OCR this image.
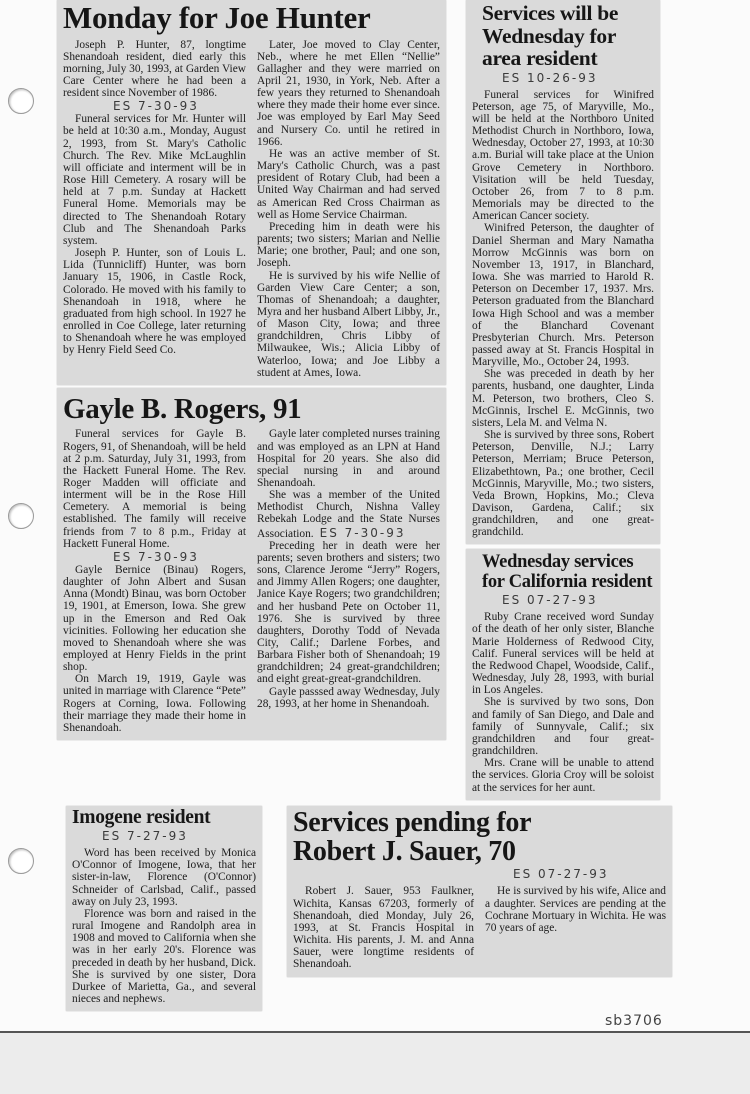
Monday for Joe Hunter

Joseph P. Hunter, 87, longtime Shenandoah resident, died early this morning, July 30, 1993, at Garden View Care Center where he had been a resident since November of 1986.

ES 7-30-93

Funeral services for Mr. Hunter will be held at 10:30 a.m., Monday, August 2, 1993, from St. Mary's Catholic Church. The Rev. Mike McLaughlin will officiate and interment will be in Rose Hill Cemetery. A rosary will be held at 7 p.m. Sunday at Hackett Funeral Home. Memorials may be directed to The Shenandoah Rotary Club and The Shenandoah Parks system.

Joseph P. Hunter, son of Louis L. Lida (Tunnicliff) Hunter, was born January 15, 1906, in Castle Rock, Colorado. He moved with his family to Shenandoah in 1918, where he graduated from high school. In 1927 he enrolled in Coe College, later returning to Shenandoah where he was employed by Henry Field Seed Co.

Later, Joe moved to Clay Center, Neb., where he met Ellen “Nellie” Gallagher and they were married on April 21, 1930, in York, Neb. After a few years they returned to Shenandoah where they made their home ever since. Joe was employed by Earl May Seed and Nursery Co. until he retired in 1966.

He was an active member of St. Mary's Catholic Church, was a past president of Rotary Club, had been a United Way Chairman and had served as American Red Cross Chairman as well as Home Service Chairman.

Preceding him in death were his parents; two sisters; Marian and Nellie Marie; one brother, Paul; and one son, Joseph.

He is survived by his wife Nellie of Garden View Care Center; a son, Thomas of Shenandoah; a daughter, Myra and her husband Albert Libby, Jr., of Mason City, Iowa; and three grandchildren, Chris Libby of Milwaukee, Wis.; Alicia Libby of Waterloo, Iowa; and Joe Libby a student at Ames, Iowa.

Gayle B. Rogers, 91

Funeral services for Gayle B. Rogers, 91, of Shenandoah, will be held at 2 p.m. Saturday, July 31, 1993, from the Hackett Funeral Home. The Rev. Roger Madden will officiate and interment will be in the Rose Hill Cemetery. A memorial is being established. The family will receive friends from 7 to 8 p.m., Friday at Hackett Funeral Home.

ES 7-30-93

Gayle Bernice (Binau) Rogers, daughter of John Albert and Susan Anna (Mondt) Binau, was born October 19, 1901, at Emerson, Iowa. She grew up in the Emerson and Red Oak vicinities. Following her education she moved to Shenandoah where she was employed at Henry Fields in the print shop.

On March 19, 1919, Gayle was united in marriage with Clarence “Pete” Rogers at Corning, Iowa. Following their marriage they made their home in Shenandoah.

Gayle later completed nurses training and was employed as an LPN at Hand Hospital for 20 years. She also did special nursing in and around Shenandoah.

She was a member of the United Methodist Church, Nishna Valley Rebekah Lodge and the State Nurses Association. ES 7-30-93

Preceding her in death were her parents; seven brothers and sisters; two sons, Clarence Jerome “Jerry” Rogers, and Jimmy Allen Rogers; one daughter, Janice Kaye Rogers; two grandchildren; and her husband Pete on October 11, 1976. She is survived by three daughters, Dorothy Todd of Nevada City, Calif.; Darlene Forbes, and Barbara Fisher both of Shenandoah; 19 grandchildren; 24 great-grandchildren; and eight great-great-grandchildren.

Gayle passsed away Wednesday, July 28, 1993, at her home in Shenandoah.

Services will be Wednesday for area resident
ES 10-26-93

Funeral services for Winifred Peterson, age 75, of Maryville, Mo., will be held at the Northboro United Methodist Church in Northboro, Iowa, Wednesday, October 27, 1993, at 10:30 a.m. Burial will take place at the Union Grove Cemetery in Northboro. Visitation will be held Tuesday, October 26, from 7 to 8 p.m. Memorials may be directed to the American Cancer society.

Winifred Peterson, the daughter of Daniel Sherman and Mary Namatha Morrow McGinnis was born on November 13, 1917, in Blanchard, Iowa. She was married to Harold R. Peterson on December 17, 1937. Mrs. Peterson graduated from the Blanchard Iowa High School and was a member of the Blanchard Covenant Presbyterian Church. Mrs. Peterson passed away at St. Francis Hospital in Maryville, Mo., October 24, 1993.

She was preceded in death by her parents, husband, one daughter, Linda M. Peterson, two brothers, Cleo S. McGinnis, Irschel E. McGinnis, two sisters, Lela M. and Velma N.

She is survived by three sons, Robert Peterson, Denville, N.J.; Larry Peterson, Merriam; Bruce Peterson, Elizabethtown, Pa.; one brother, Cecil McGinnis, Maryville, Mo.; two sisters, Veda Brown, Hopkins, Mo.; Cleva Davison, Gardena, Calif.; six grandchildren, and one great-grandchild.

Wednesday services for California resident
ES 07-27-93

Ruby Crane received word Sunday of the death of her only sister, Blanche Marie Holderness of Redwood City, Calif. Funeral services will be held at the Redwood Chapel, Woodside, Calif., Wednesday, July 28, 1993, with burial in Los Angeles.

She is survived by two sons, Don and family of San Diego, and Dale and family of Sunnyvale, Calif.; six grandchildren and four great-grandchildren.

Mrs. Crane will be unable to attend the services. Gloria Croy will be soloist at the services for her aunt.

Imogene resident
ES 7-27-93

Word has been received by Monica O'Connor of Imogene, Iowa, that her sister-in-law, Florence (O'Connor) Schneider of Carlsbad, Calif., passed away on July 23, 1993.

Florence was born and raised in the rural Imogene and Randolph area in 1908 and moved to California when she was in her early 20's. Florence was preceded in death by her husband, Dick. She is survived by one sister, Dora Durkee of Marietta, Ga., and several nieces and nephews.

Services pending for Robert J. Sauer, 70
ES 07-27-93

Robert J. Sauer, 953 Faulkner, Wichita, Kansas 67203, formerly of Shenandoah, died Monday, July 26, 1993, at St. Francis Hospital in Wichita. His parents, J. M. and Anna Sauer, were longtime residents of Shenandoah.

He is survived by his wife, Alice and a daughter. Services are pending at the Cochrane Mortuary in Wichita. He was 70 years of age.

sb3706
